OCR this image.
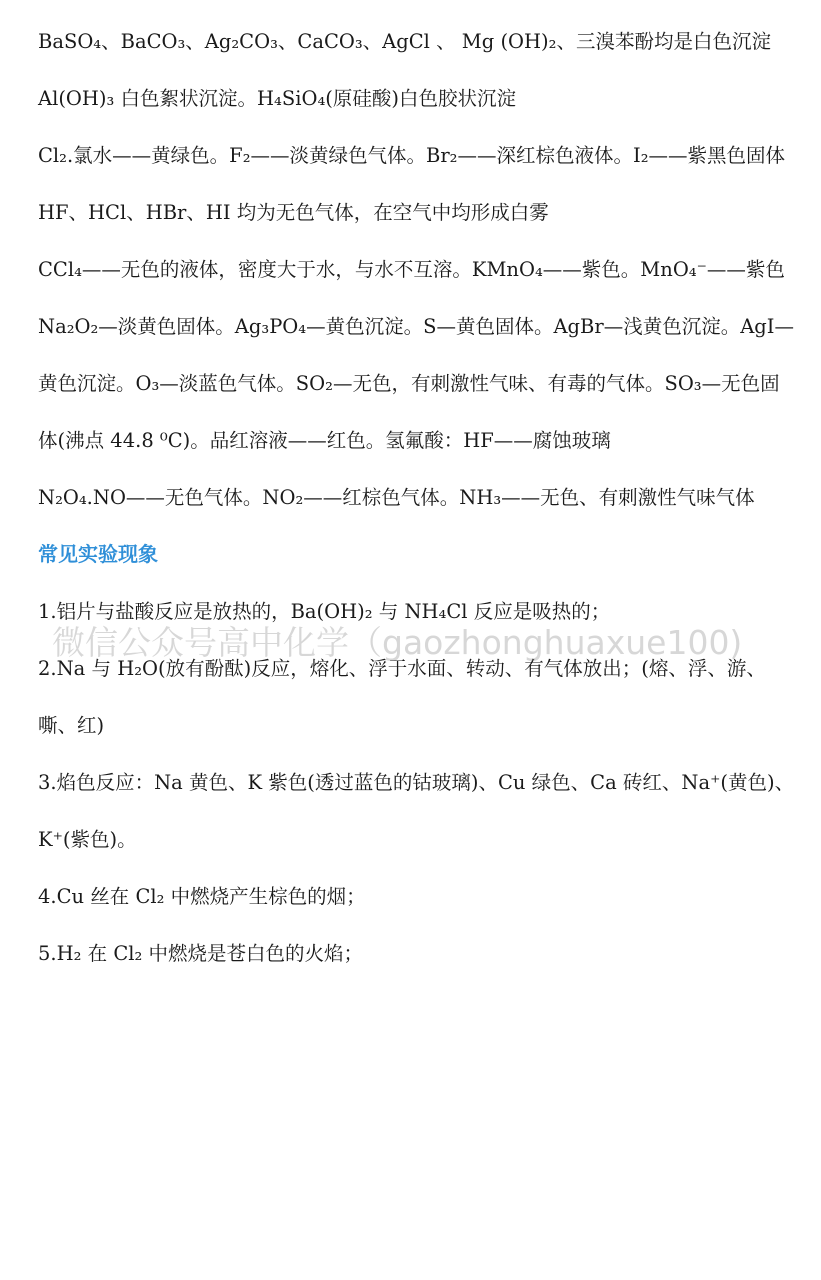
BaSO₄、BaCO₃、Ag₂CO₃、CaCO₃、AgCl 、 Mg (OH)₂、三溴苯酚均是白色沉淀

Al(OH)₃ 白色絮状沉淀。H₄SiO₄(原硅酸)白色胶状沉淀

Cl₂.氯水——黄绿色。F₂——淡黄绿色气体。Br₂——深红棕色液体。I₂——紫黑色固体

HF、HCl、HBr、HI 均为无色气体，在空气中均形成白雾

CCl₄——无色的液体，密度大于水，与水不互溶。KMnO₄——紫色。MnO₄⁻——紫色

Na₂O₂—淡黄色固体。Ag₃PO₄—黄色沉淀。S—黄色固体。AgBr—浅黄色沉淀。AgI—黄色沉淀。O₃—淡蓝色气体。SO₂—无色，有刺激性气味、有毒的气体。SO₃—无色固体(沸点 44.8 ⁰C)。品红溶液——红色。氢氟酸：HF——腐蚀玻璃

N₂O₄.NO——无色气体。NO₂——红棕色气体。NH₃——无色、有刺激性气味气体

常见实验现象

1.铝片与盐酸反应是放热的，Ba(OH)₂ 与 NH₄Cl 反应是吸热的；

2.Na 与 H₂O(放有酚酞)反应，熔化、浮于水面、转动、有气体放出；(熔、浮、游、嘶、红)

3.焰色反应：Na 黄色、K 紫色(透过蓝色的钴玻璃)、Cu 绿色、Ca 砖红、Na⁺(黄色)、K⁺(紫色)。

4.Cu 丝在 Cl₂ 中燃烧产生棕色的烟；

5.H₂ 在 Cl₂ 中燃烧是苍白色的火焰；

微信公众号高中化学（gaozhonghuaxue100)
